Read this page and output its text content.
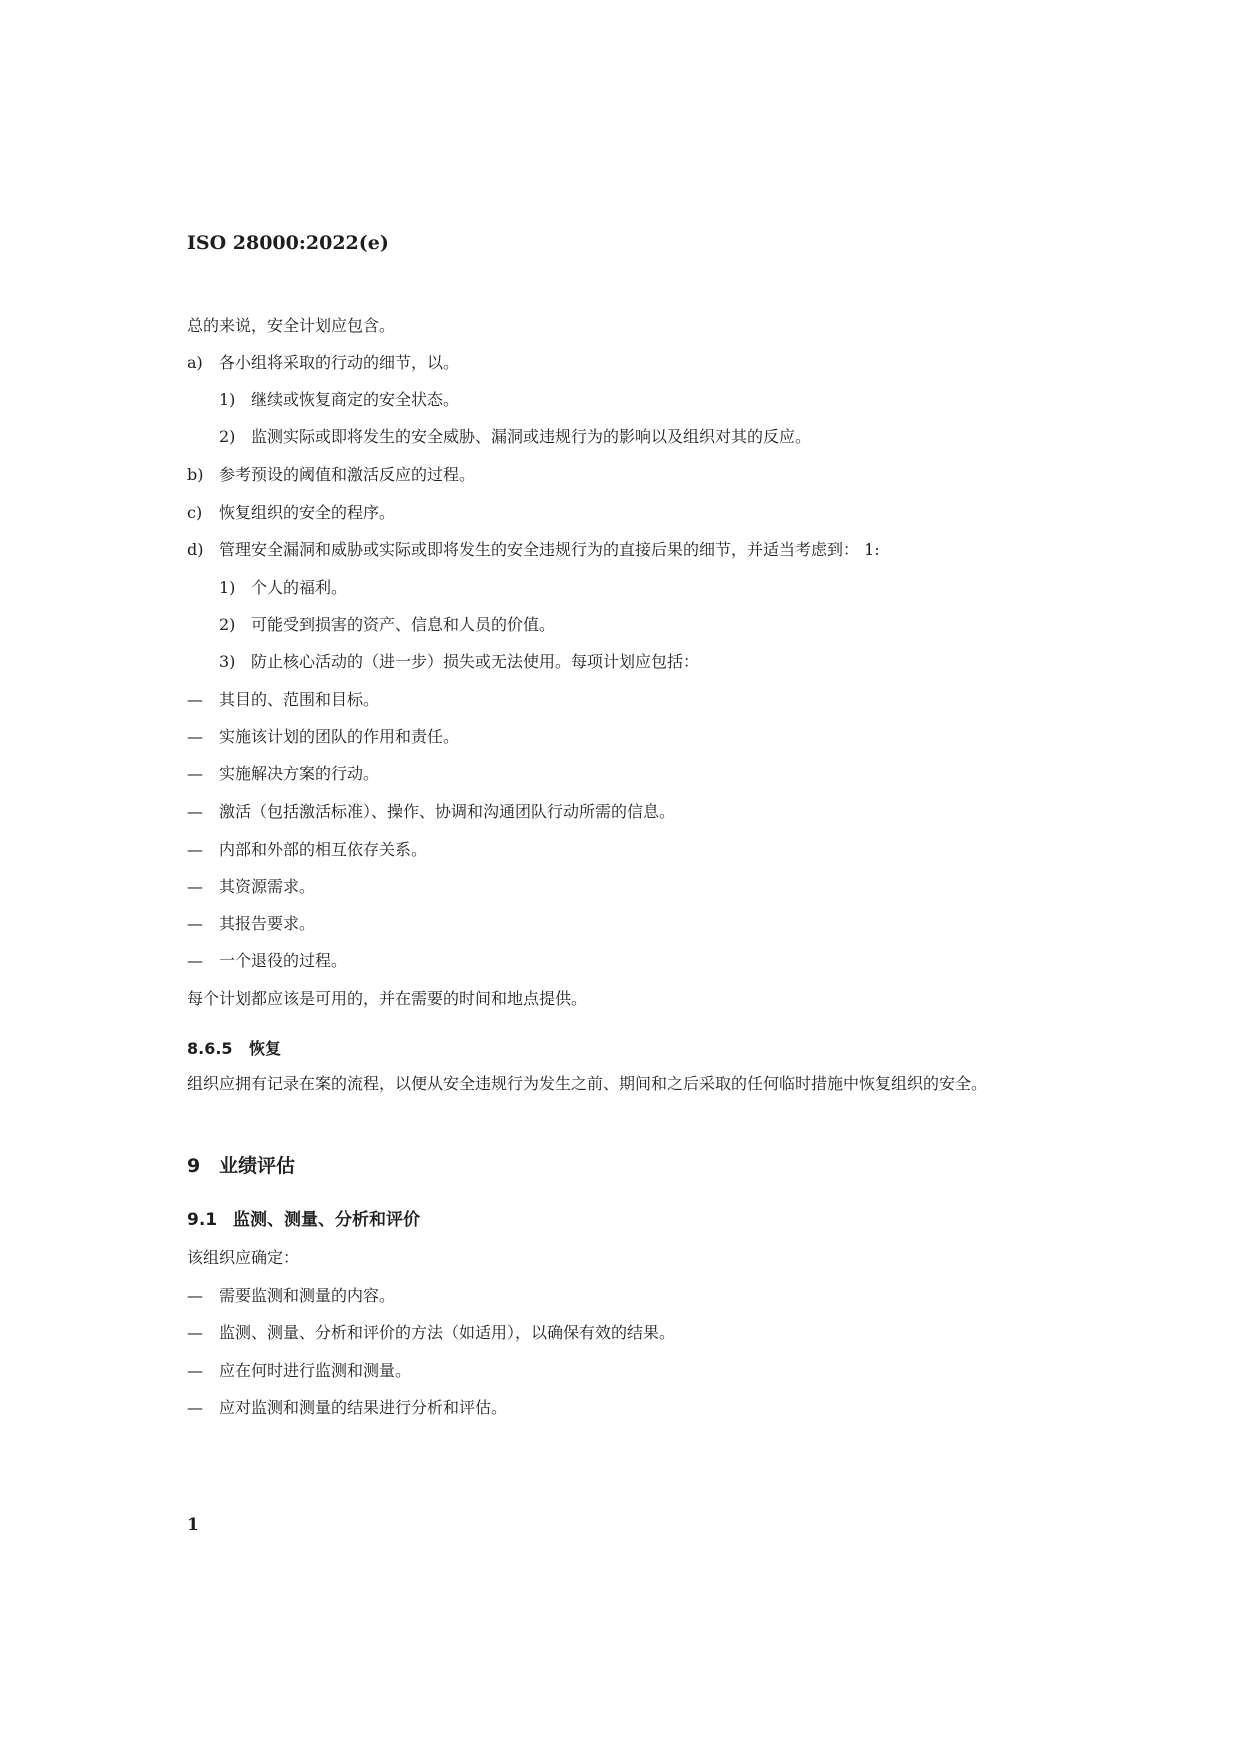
ISO 28000:2022(e)
总的来说，安全计划应包含。
a) 各小组将采取的行动的细节，以。
1) 继续或恢复商定的安全状态。
2) 监测实际或即将发生的安全威胁、漏洞或违规行为的影响以及组织对其的反应。
b) 参考预设的阈值和激活反应的过程。
c) 恢复组织的安全的程序。
d) 管理安全漏洞和威胁或实际或即将发生的安全违规行为的直接后果的细节，并适当考虑到： 1:
1) 个人的福利。
2) 可能受到损害的资产、信息和人员的价值。
3) 防止核心活动的（进一步）损失或无法使用。每项计划应包括：
— 其目的、范围和目标。
— 实施该计划的团队的作用和责任。
— 实施解决方案的行动。
— 激活（包括激活标准）、操作、协调和沟通团队行动所需的信息。
— 内部和外部的相互依存关系。
— 其资源需求。
— 其报告要求。
— 一个退役的过程。
每个计划都应该是可用的，并在需要的时间和地点提供。
8.6.5 恢复
组织应拥有记录在案的流程，以便从安全违规行为发生之前、期间和之后采取的任何临时措施中恢复组织的安全。
9 业绩评估
9.1 监测、测量、分析和评价
该组织应确定：
— 需要监测和测量的内容。
— 监测、测量、分析和评价的方法（如适用），以确保有效的结果。
— 应在何时进行监测和测量。
— 应对监测和测量的结果进行分析和评估。
1
